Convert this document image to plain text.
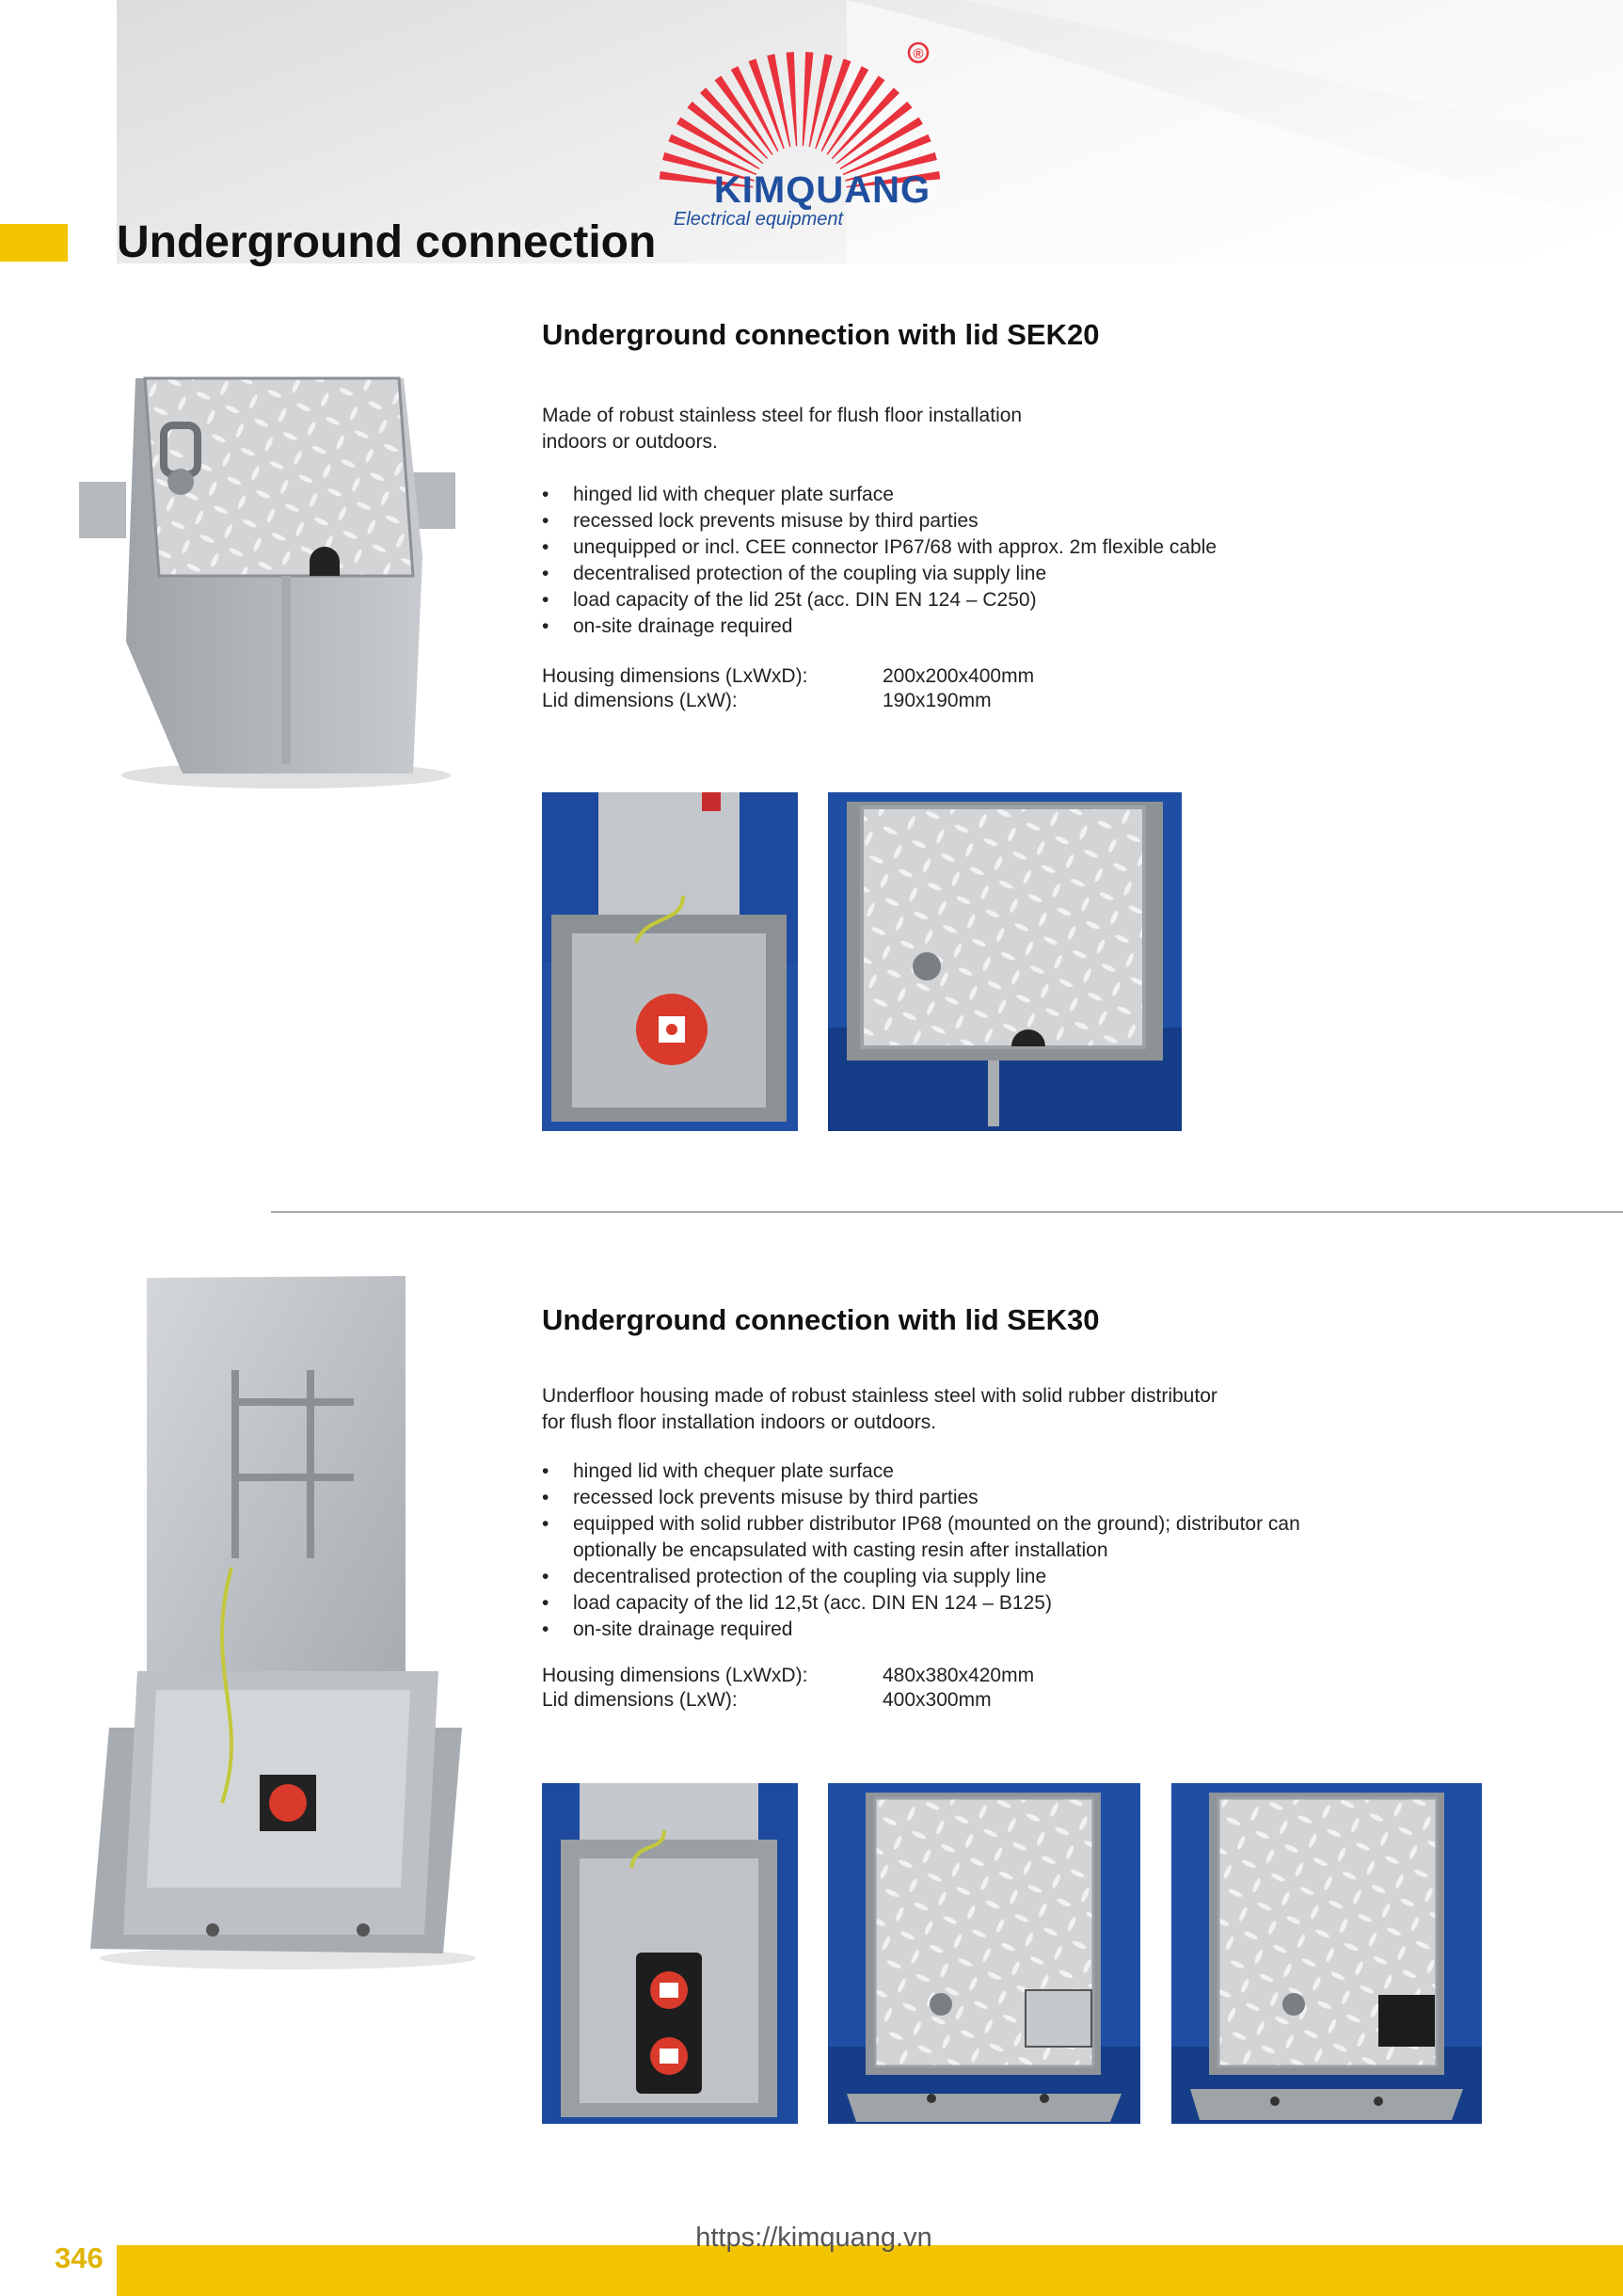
Underground connection
®
KIMQUANG
Electrical equipment
Underground connection with lid SEK20
Made of robust stainless steel for flush floor installation
indoors or outdoors.
• hinged lid with chequer plate surface
• recessed lock prevents misuse by third parties
• unequipped or incl. CEE connector IP67/68 with approx. 2m flexible cable
• decentralised protection of the coupling via supply line
• load capacity of the lid 25t (acc. DIN EN 124 – C250)
• on-site drainage required
Housing dimensions (LxWxD):	200x200x400mm
Lid dimensions (LxW):	190x190mm
Underground connection with lid SEK30
Underfloor housing made of robust stainless steel with solid rubber distributor
for flush floor installation indoors or outdoors.
• hinged lid with chequer plate surface
• recessed lock prevents misuse by third parties
• equipped with solid rubber distributor IP68 (mounted on the ground); distributor can optionally be encapsulated with casting resin after installation
• decentralised protection of the coupling via supply line
• load capacity of the lid 12,5t (acc. DIN EN 124 – B125)
• on-site drainage required
Housing dimensions (LxWxD):	480x380x420mm
Lid dimensions (LxW):	400x300mm
346
https://kimquang.vn
